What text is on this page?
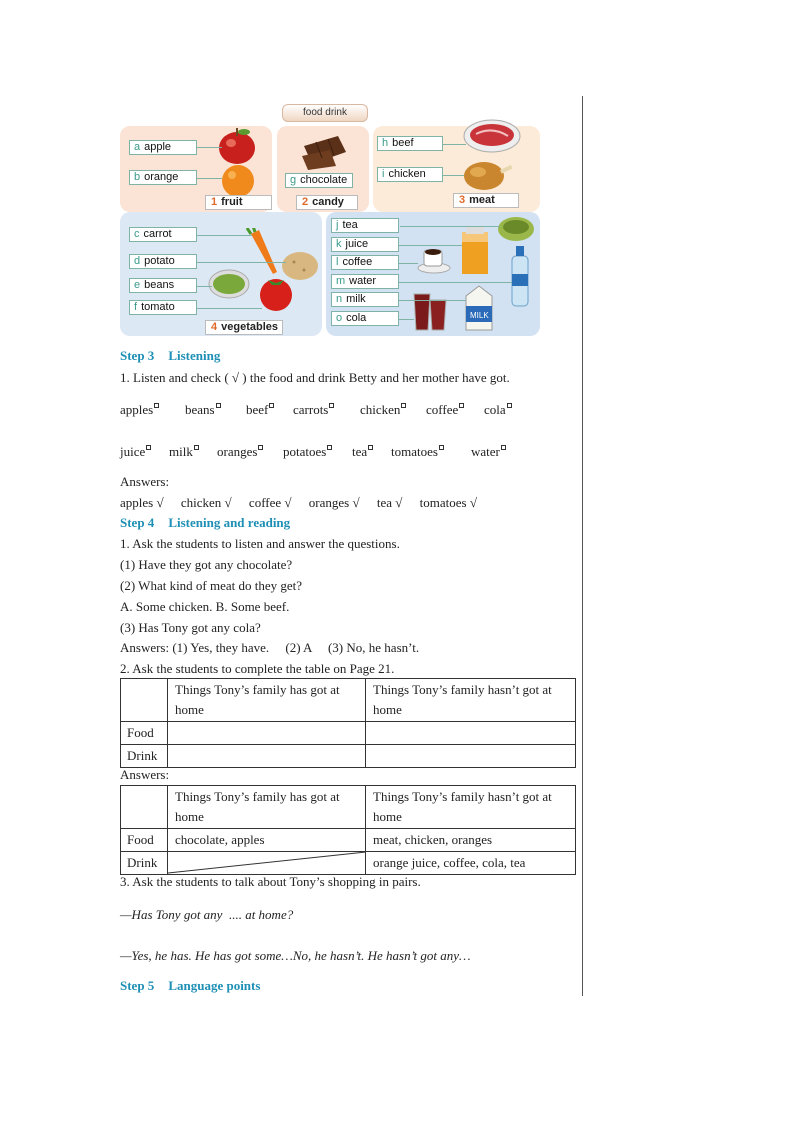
food drink
MILK
a apple
b orange	g chocolate
h beef
i chicken
c carrot
d potato
e beans
f tomato
j tea
k juice
l coffee
m water
n milk
o cola
1 fruit	2 candy	3 meat
4 vegetables
Step 3 Listening
1. Listen and check ( √ ) the food and drink Betty and her mother have got.
apples	beans	beef	carrots	chicken	coffee	cola
juice	milk	oranges	potatoes	tea	tomatoes	water
Answers:
apples √ chicken √ coffee √ oranges √ tea √ tomatoes √
Step 4 Listening and reading
1. Ask the students to listen and answer the questions.
(1) Have they got any chocolate?
(2) What kind of meat do they get?
A. Some chicken. B. Some beef.
(3) Has Tony got any cola?
Answers: (1) Yes, they have.     (2) A     (3) No, he hasn’t.
2. Ask the students to complete the table on Page 21.
	Things Tony’s family has got at home	Things Tony’s family hasn’t got at home
Food		
Drink		
Answers:
	Things Tony’s family has got at home	Things Tony’s family hasn’t got at home
Food	chocolate, apples	meat, chicken, oranges
Drink		orange juice, coffee, cola, tea
3. Ask the students to talk about Tony’s shopping in pairs.
—Has Tony got any  .... at home?
—Yes, he has. He has got some…No, he hasn’t. He hasn’t got any…
Step 5 Language points
